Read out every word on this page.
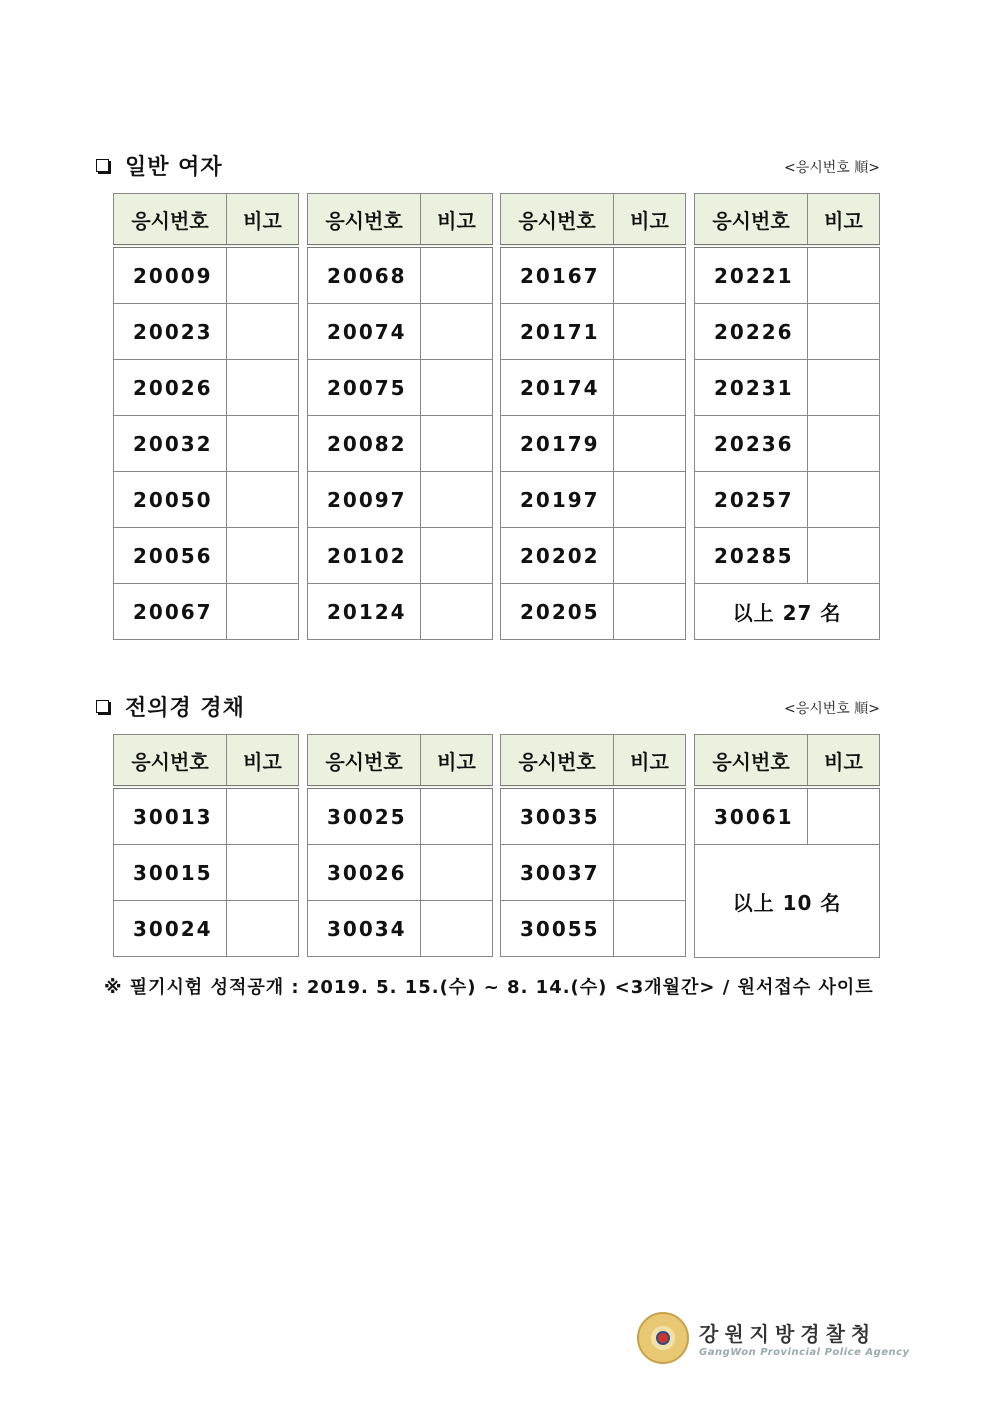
일반 여자	<응시번호 順>
응시번호	비고
20009	
20023	
20026	
20032	
20050	
20056	
20067	
응시번호	비고
20068	
20074	
20075	
20082	
20097	
20102	
20124	
응시번호	비고
20167	
20171	
20174	
20179	
20197	
20202	
20205	
응시번호	비고
20221	
20226	
20231	
20236	
20257	
20285	
以上 27 名	
전의경 경채	<응시번호 順>
응시번호	비고
30013	
30015	
30024	
응시번호	비고
30025	
30026	
30034	
응시번호	비고
30035	
30037	
30055	
응시번호	비고
30061	
以上 10 名	

※ 필기시험 성적공개 : 2019. 5. 15.(수) ~ 8. 14.(수) <3개월간> / 원서접수 사이트
강원지방경찰청
GangWon Provincial Police Agency
